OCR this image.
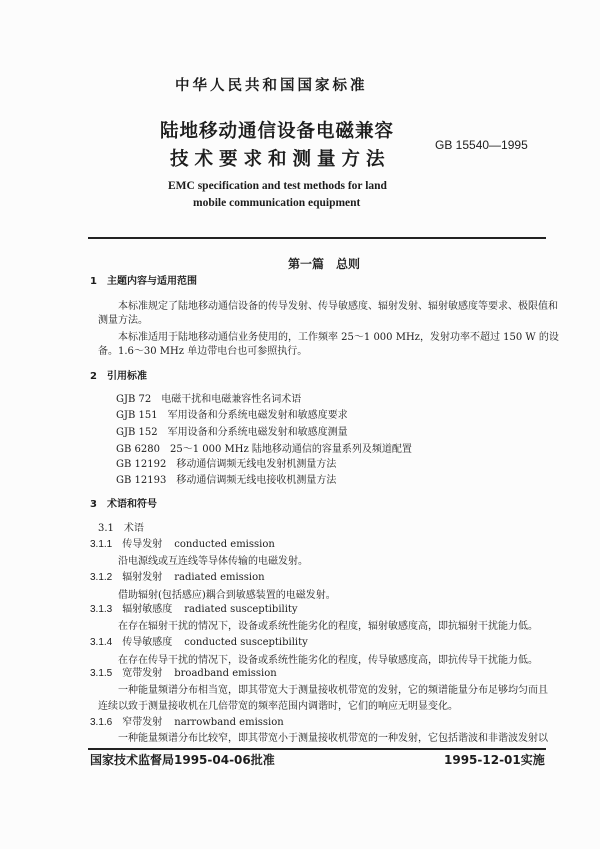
中华人民共和国国家标准
陆地移动通信设备电磁兼容
技术要求和测量方法
GB 15540—1995
EMC specification and test methods for land
mobile communication equipment
第一篇　总则
1　主题内容与适用范围
本标准规定了陆地移动通信设备的传导发射、传导敏感度、辐射发射、辐射敏感度等要求、极限值和
测量方法。
本标准适用于陆地移动通信业务使用的，工作频率 25～1 000 MHz，发射功率不超过 150 W 的设
备。1.6～30 MHz 单边带电台也可参照执行。
2　引用标准
GJB 72 电磁干扰和电磁兼容性名词术语
GJB 151 军用设备和分系统电磁发射和敏感度要求
GJB 152 军用设备和分系统电磁发射和敏感度测量
GB 6280 25～1 000 MHz 陆地移动通信的容量系列及频道配置
GB 12192 移动通信调频无线电发射机测量方法
GB 12193 移动通信调频无线电接收机测量方法
3　术语和符号
3.1　术语
3.1.1 传导发射 conducted emission
沿电源线或互连线等导体传输的电磁发射。
3.1.2 辐射发射 radiated emission
借助辐射(包括感应)耦合到敏感装置的电磁发射。
3.1.3 辐射敏感度 radiated susceptibility
在存在辐射干扰的情况下，设备或系统性能劣化的程度，辐射敏感度高，即抗辐射干扰能力低。
3.1.4 传导敏感度 conducted susceptibility
在存在传导干扰的情况下，设备或系统性能劣化的程度，传导敏感度高，即抗传导干扰能力低。
3.1.5 宽带发射 broadband emission
一种能量频谱分布相当宽，即其带宽大于测量接收机带宽的发射，它的频谱能量分布足够均匀而且
连续以致于测量接收机在几倍带宽的频率范围内调谐时，它们的响应无明显变化。
3.1.6 窄带发射 narrowband emission
一种能量频谱分布比较窄，即其带宽小于测量接收机带宽的一种发射，它包括谐波和非谐波发射以
国家技术监督局1995-04-06批准	1995-12-01实施
